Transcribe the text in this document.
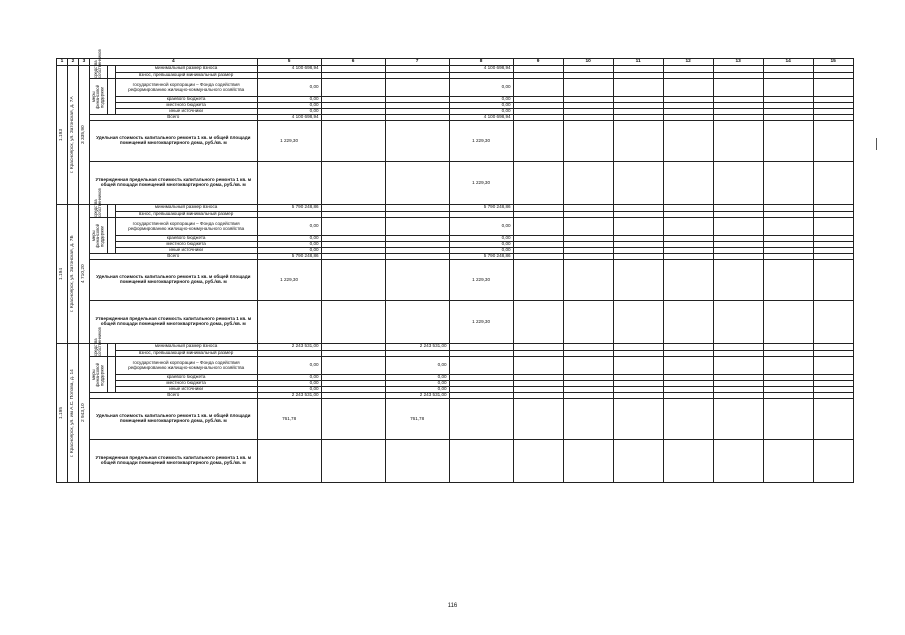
1	2	3	4			5	6	7	8	9	10	11	12	13	14	15

1.193	г. Красноярск, ул. Затонская, д. 7А	3 335,90	средства собственников		минимальный размер взноса	4 100 698,94			4 100 698,94							
					взнос, превышающий минимальный размер											

			меры финансовой поддержки		государственной корпорации – Фонда содействия реформированию жилищно-коммунального хозяйства	0,00			0,00							
					краевого бюджета	0,00			0,00							
					местного бюджета	0,00			0,00							
					иные источники	0,00			0,00							
			Всего			4 100 698,94			4 100 698,94							
			Удельная стоимость капитального ремонта 1 кв. м общей площади помещений многоквартирного дома, руб./кв. м			1 229,30			1 229,30							
			Утвержденная предельная стоимость капитального ремонта 1 кв. м общей площади помещений многоквартирного дома, руб./кв. м						1 229,30							

1.194	г. Красноярск, ул. Затонская, д. 7Б	4 710,20	средства собственников		минимальный размер взноса	5 790 248,86			5 790 248,86							
					взнос, превышающий минимальный размер											

			меры финансовой поддержки		государственной корпорации – Фонда содействия реформированию жилищно-коммунального хозяйства	0,00			0,00							
					краевого бюджета	0,00			0,00							
					местного бюджета	0,00			0,00							
					иные источники	0,00			0,00							
			Всего			5 790 248,86			5 790 248,86							
			Удельная стоимость капитального ремонта 1 кв. м общей площади помещений многоквартирного дома, руб./кв. м			1 229,30			1 229,30							
			Утвержденная предельная стоимость капитального ремонта 1 кв. м общей площади помещений многоквартирного дома, руб./кв. м						1 229,30							

1.195	г. Красноярск, ул. им А.С. Попова, д. 14	2 943,10	средства собственников		минимальный размер взноса	2 243 531,00		2 243 531,00								
					взнос, превышающий минимальный размер											

			меры финансовой поддержки		государственной корпорации – Фонда содействия реформированию жилищно-коммунального хозяйства	0,00		0,00								
					краевого бюджета	0,00		0,00								
					местного бюджета	0,00		0,00								
					иные источники	0,00		0,00								
			Всего			2 243 531,00		2 243 531,00								
			Удельная стоимость капитального ремонта 1 кв. м общей площади помещений многоквартирного дома, руб./кв. м			761,78		761,78								
			Утвержденная предельная стоимость капитального ремонта 1 кв. м общей площади помещений многоквартирного дома, руб./кв. м													
116
